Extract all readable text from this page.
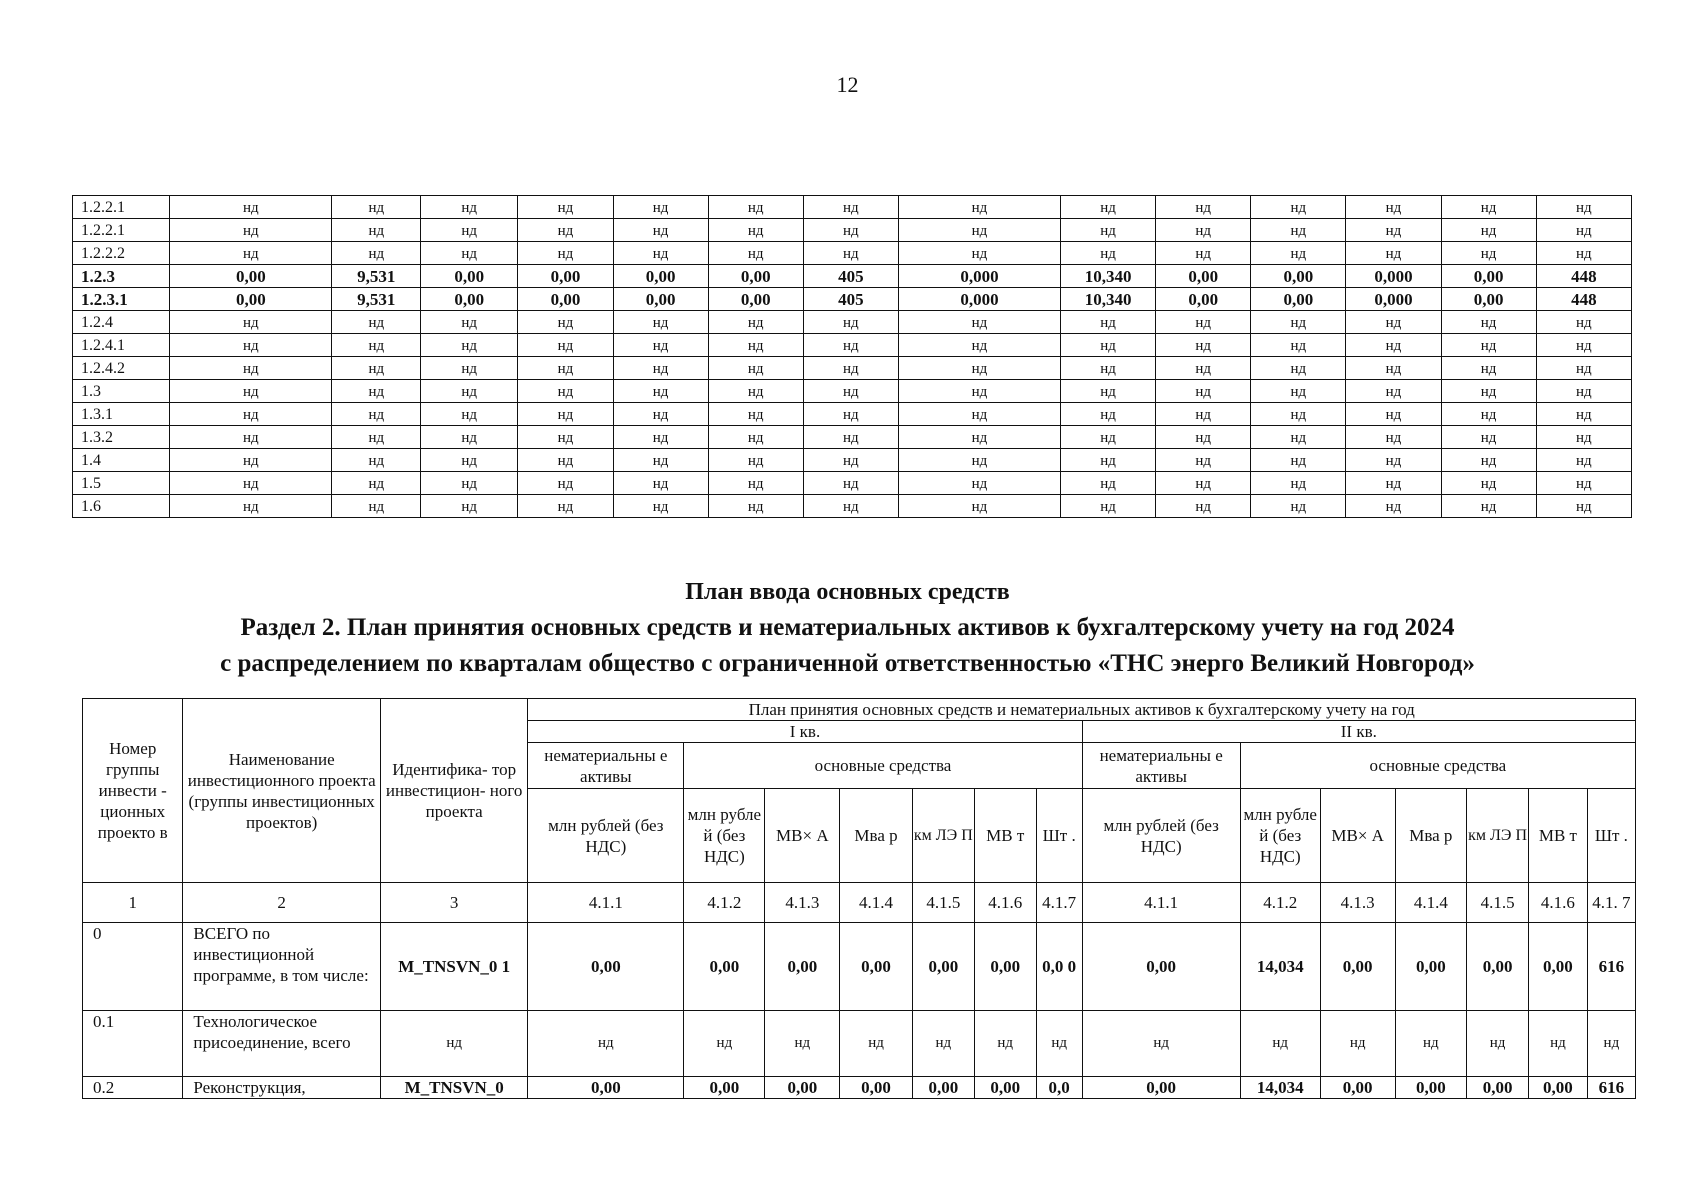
12
1.2.2.1	нд	нд	нд	нд	нд	нд	нд	нд	нд	нд	нд	нд	нд	нд
1.2.2.1	нд	нд	нд	нд	нд	нд	нд	нд	нд	нд	нд	нд	нд	нд
1.2.2.2	нд	нд	нд	нд	нд	нд	нд	нд	нд	нд	нд	нд	нд	нд
1.2.3	0,00	9,531	0,00	0,00	0,00	0,00	405	0,000	10,340	0,00	0,00	0,000	0,00	448
1.2.3.1	0,00	9,531	0,00	0,00	0,00	0,00	405	0,000	10,340	0,00	0,00	0,000	0,00	448
1.2.4	нд	нд	нд	нд	нд	нд	нд	нд	нд	нд	нд	нд	нд	нд
1.2.4.1	нд	нд	нд	нд	нд	нд	нд	нд	нд	нд	нд	нд	нд	нд
1.2.4.2	нд	нд	нд	нд	нд	нд	нд	нд	нд	нд	нд	нд	нд	нд
1.3	нд	нд	нд	нд	нд	нд	нд	нд	нд	нд	нд	нд	нд	нд
1.3.1	нд	нд	нд	нд	нд	нд	нд	нд	нд	нд	нд	нд	нд	нд
1.3.2	нд	нд	нд	нд	нд	нд	нд	нд	нд	нд	нд	нд	нд	нд
1.4	нд	нд	нд	нд	нд	нд	нд	нд	нд	нд	нд	нд	нд	нд
1.5	нд	нд	нд	нд	нд	нд	нд	нд	нд	нд	нд	нд	нд	нд
1.6	нд	нд	нд	нд	нд	нд	нд	нд	нд	нд	нд	нд	нд	нд
План ввода основных средств
Раздел 2. План принятия основных средств и нематериальных активов к бухгалтерскому учету на год 2024
с распределением по кварталам общество с ограниченной ответственностью «ТНС энерго Великий Новгород»
Номер группы инвести - ционных проекто в	Наименование инвестиционного проекта (группы инвестиционных проектов)	Идентифика- тор инвестицион- ного проекта	План принятия основных средств и нематериальных активов к бухгалтерскому учету на год													
			I кв.							II кв.						
			нематериальны е активы	основные средства						нематериальны е активы	основные средства					
			млн рублей (без НДС)	млн рубле й (без НДС)	МВ× А	Мва р	км ЛЭ П	МВ т	Шт .	млн рублей (без НДС)	млн рубле й (без НДС)	МВ× А	Мва р	км ЛЭ П	МВ т	Шт .
1	2	3	4.1.1	4.1.2	4.1.3	4.1.4	4.1.5	4.1.6	4.1.7	4.1.1	4.1.2	4.1.3	4.1.4	4.1.5	4.1.6	4.1. 7
0	ВСЕГО по инвестиционной программе, в том числе:	M_TNSVN_0 1	0,00	0,00	0,00	0,00	0,00	0,00	0,0 0	0,00	14,034	0,00	0,00	0,00	0,00	616
0.1	Технологическое присоединение, всего	нд	нд	нд	нд	нд	нд	нд	нд	нд	нд	нд	нд	нд	нд	нд
0.2	Реконструкция,	M_TNSVN_0	0,00	0,00	0,00	0,00	0,00	0,00	0,0	0,00	14,034	0,00	0,00	0,00	0,00	616
